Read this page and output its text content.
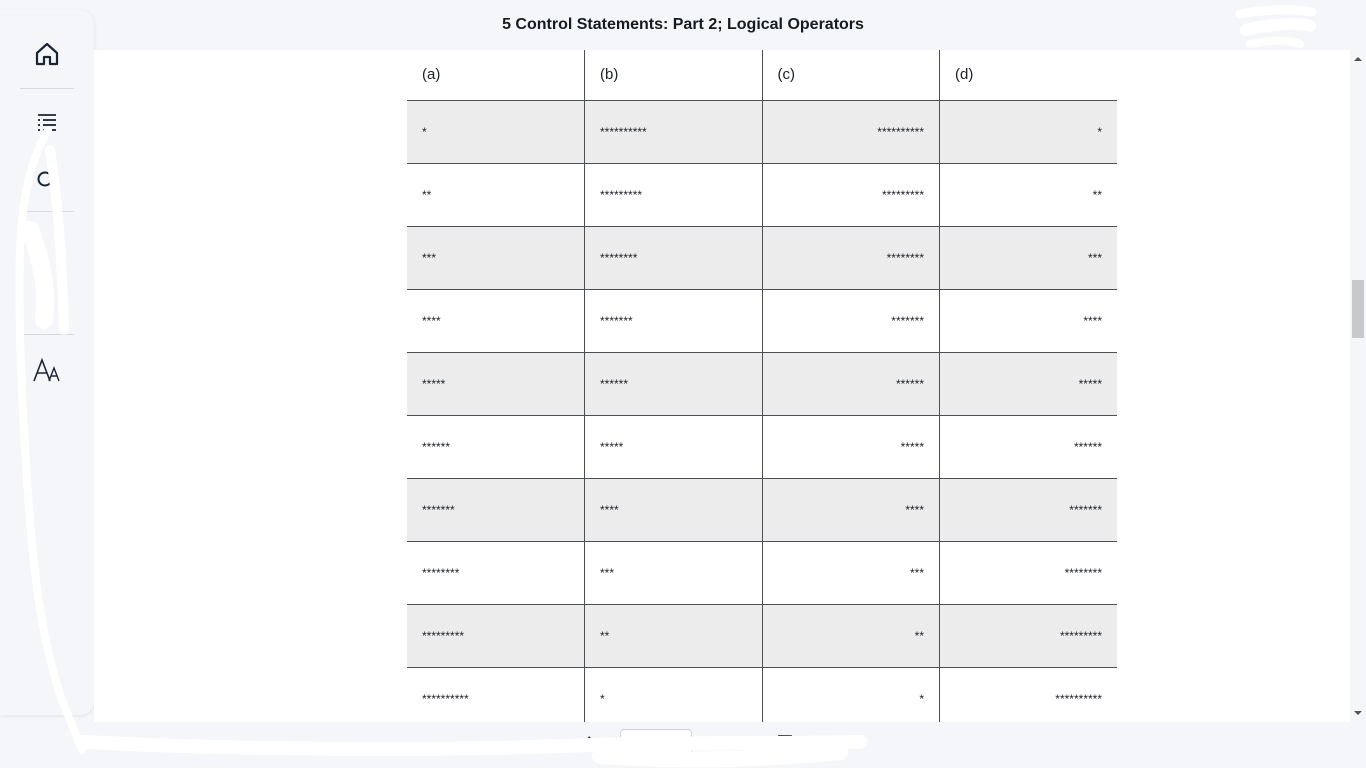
5 Control Statements: Part 2; Logical Operators
(a)	(b)	(c)	(d)
*	**********	**********	*
**	*********	*********	**
***	********	********	***
****	*******	*******	****
*****	******	******	*****
******	*****	*****	******
*******	****	****	*******
********	***	***	********
*********	**	**	*********
**********	*	*	**********
